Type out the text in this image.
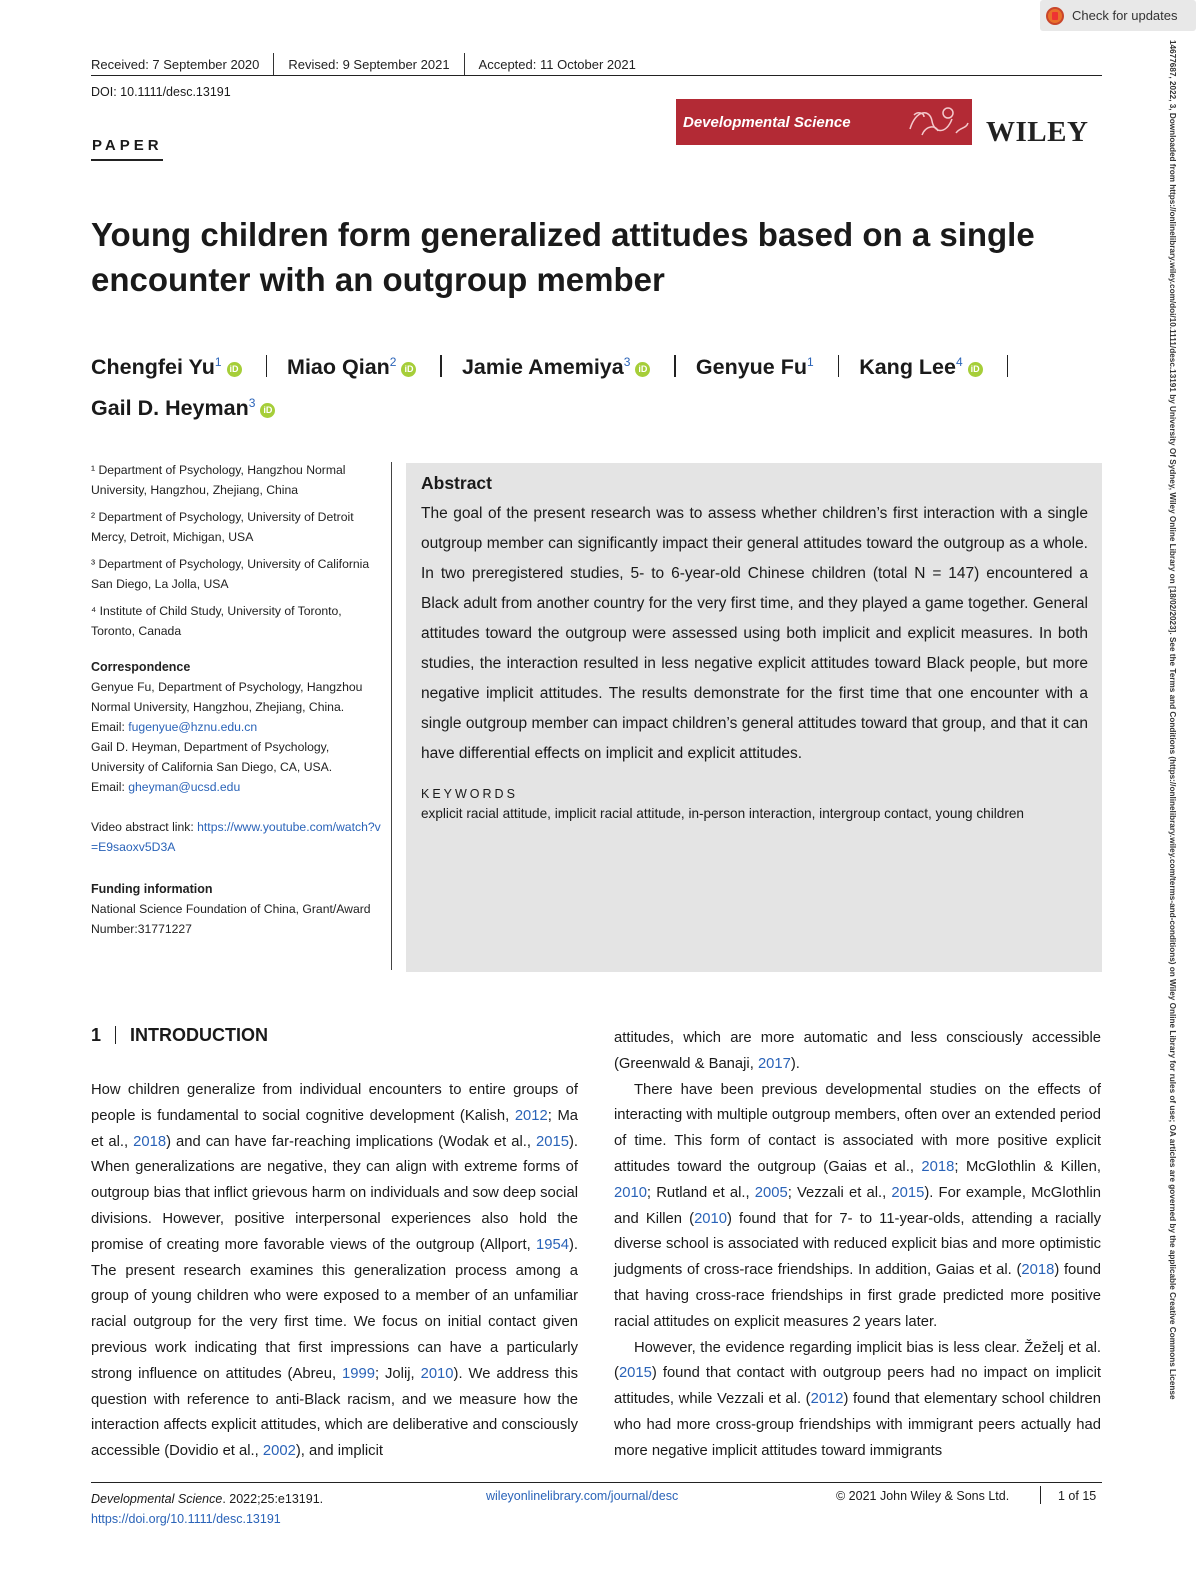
Check for updates
Received: 7 September 2020 Revised: 9 September 2021 Accepted: 11 October 2021
DOI: 10.1111/desc.13191
PAPER
Developmental Science	WILEY
Young children form generalized attitudes based on a single encounter with an outgroup member
Chengfei Yu$^1$iD Miao Qian$^2$iD Jamie Amemiya$^3$iD Genyue Fu$^1$ Kang Lee$^4$iD
Gail D. Heyman$^3$iD

¹ Department of Psychology, Hangzhou Normal University, Hangzhou, Zhejiang, China

² Department of Psychology, University of Detroit Mercy, Detroit, Michigan, USA

³ Department of Psychology, University of California San Diego, La Jolla, USA

⁴ Institute of Child Study, University of Toronto, Toronto, Canada

Correspondence
Genyue Fu, Department of Psychology, Hangzhou Normal University, Hangzhou, Zhejiang, China.
Email: fugenyue@hznu.edu.cn
Gail D. Heyman, Department of Psychology, University of California San Diego, CA, USA.
Email: gheyman@ucsd.edu
Video abstract link: https://www.youtube.com/watch?v=E9saoxv5D3A
Funding information
National Science Foundation of China, Grant/Award Number:31771227
Abstract
The goal of the present research was to assess whether children’s first interaction with a single outgroup member can significantly impact their general attitudes toward the outgroup as a whole. In two preregistered studies, 5- to 6-year-old Chinese children (total N = 147) encountered a Black adult from another country for the very first time, and they played a game together. General attitudes toward the outgroup were assessed using both implicit and explicit measures. In both studies, the interaction resulted in less negative explicit attitudes toward Black people, but more negative implicit attitudes. The results demonstrate for the first time that one encounter with a single outgroup member can impact children’s general attitudes toward that group, and that it can have differential effects on implicit and explicit attitudes.
KEYWORDS
explicit racial attitude, implicit racial attitude, in-person interaction, intergroup contact, young children
1 INTRODUCTION

How children generalize from individual encounters to entire groups of people is fundamental to social cognitive development (Kalish, 2012; Ma et al., 2018) and can have far-reaching implications (Wodak et al., 2015). When generalizations are negative, they can align with extreme forms of outgroup bias that inflict grievous harm on individuals and sow deep social divisions. However, positive interpersonal experiences also hold the promise of creating more favorable views of the outgroup (Allport, 1954). The present research examines this generalization process among a group of young children who were exposed to a member of an unfamiliar racial outgroup for the very first time. We focus on initial contact given previous work indicating that first impressions can have a particularly strong influence on attitudes (Abreu, 1999; Jolij, 2010). We address this question with reference to anti-Black racism, and we measure how the interaction affects explicit attitudes, which are deliberative and consciously accessible (Dovidio et al., 2002), and implicit

attitudes, which are more automatic and less consciously accessible (Greenwald & Banaji, 2017).

There have been previous developmental studies on the effects of interacting with multiple outgroup members, often over an extended period of time. This form of contact is associated with more positive explicit attitudes toward the outgroup (Gaias et al., 2018; McGlothlin & Killen, 2010; Rutland et al., 2005; Vezzali et al., 2015). For example, McGlothlin and Killen (2010) found that for 7- to 11-year-olds, attending a racially diverse school is associated with reduced explicit bias and more optimistic judgments of cross-race friendships. In addition, Gaias et al. (2018) found that having cross-race friendships in first grade predicted more positive racial attitudes on explicit measures 2 years later.

However, the evidence regarding implicit bias is less clear. Žeželj et al. (2015) found that contact with outgroup peers had no impact on implicit attitudes, while Vezzali et al. (2012) found that elementary school children who had more cross-group friendships with immigrant peers actually had more negative implicit attitudes toward immigrants

Developmental Science. 2022;25:e13191.
https://doi.org/10.1111/desc.13191
wileyonlinelibrary.com/journal/desc	© 2021 John Wiley & Sons Ltd.	1 of 15
14677687, 2022, 3, Downloaded from https://onlinelibrary.wiley.com/doi/10.1111/desc.13191 by University Of Sydney, Wiley Online Library on [18/02/2023]. See the Terms and Conditions (https://onlinelibrary.wiley.com/terms-and-conditions) on Wiley Online Library for rules of use; OA articles are governed by the applicable Creative Commons License
